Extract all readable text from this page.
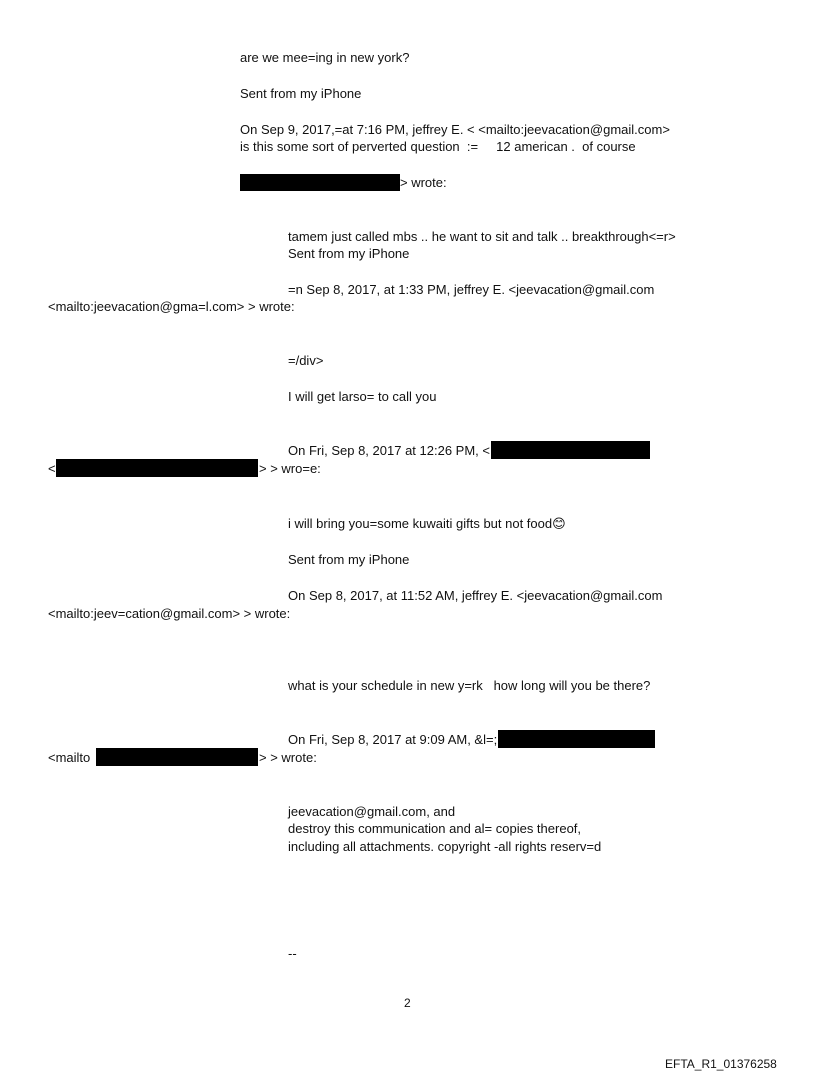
are we mee=ing in new york?
Sent from my iPhone
On Sep 9, 2017,=at 7:16 PM, jeffrey E. < <mailto:jeevacation@gmail.com>
is this some sort of perverted question  :=     12 american .  of course
> wrote:
tamem just called mbs .. he want to sit and talk .. breakthrough<=r>
Sent from my iPhone
=n Sep 8, 2017, at 1:33 PM, jeffrey E. <jeevacation@gmail.com
<mailto:jeevacation@gma=l.com> > wrote:
=/div>
I will get larso= to call you
On Fri, Sep 8, 2017 at 12:26 PM, <
<	> > wro=e:
i will bring you=some kuwaiti gifts but not food😊
Sent from my iPhone
On Sep 8, 2017, at 11:52 AM, jeffrey E. <jeevacation@gmail.com
<mailto:jeev=cation@gmail.com> > wrote:
what is your schedule in new y=rk   how long will you be there?
On Fri, Sep 8, 2017 at 9:09 AM, &l=;
<mailto	> > wrote:
jeevacation@gmail.com, and
destroy this communication and al= copies thereof,
including all attachments. copyright -all rights reserv=d
--
2
EFTA_R1_01376258
